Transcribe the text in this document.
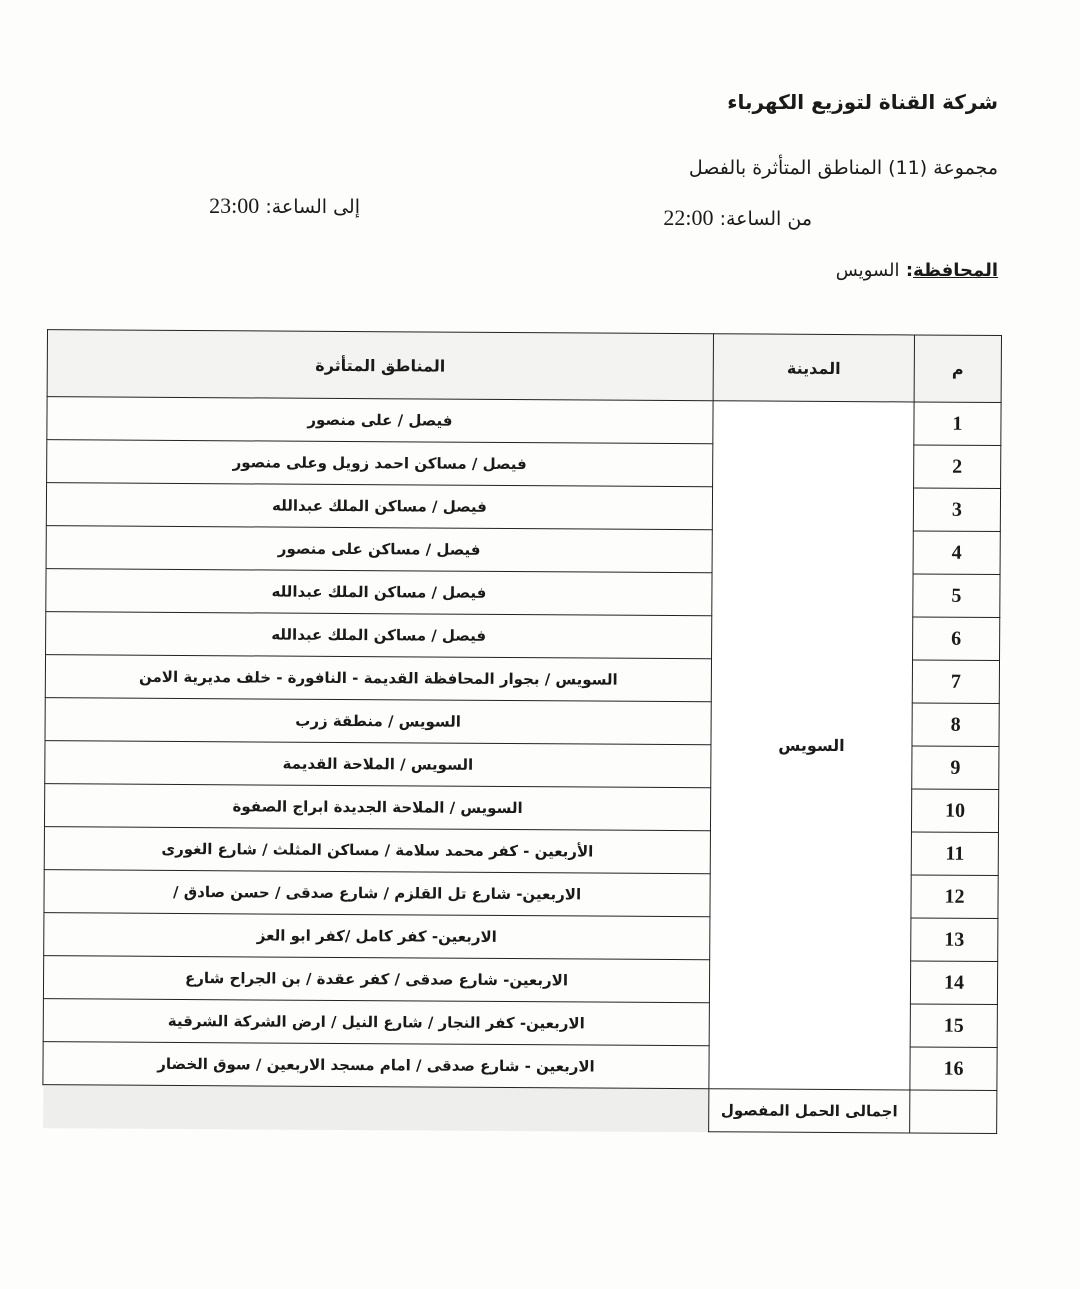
شركة القناة لتوزيع الكهرباء
مجموعة (11) المناطق المتأثرة بالفصل
من الساعة: 22:00
إلى الساعة: 23:00
المحافظة: السويس
م	المدينة	المناطق المتأثرة
1	السويس	فيصل / على منصور
2		فيصل / مساكن احمد زويل وعلى منصور
3		فيصل / مساكن الملك عبدالله
4		فيصل / مساكن على منصور
5		فيصل / مساكن الملك عبدالله
6		فيصل / مساكن الملك عبدالله
7		السويس / بجوار المحافظة القديمة - النافورة - خلف مديرية الامن
8		السويس / منطقة زرب
9		السويس / الملاحة القديمة
10		السويس / الملاحة الجديدة ابراج الصفوة
11		الأربعين - كفر محمد سلامة / مساكن المثلث / شارع الغورى
12		الاربعين- شارع تل القلزم / شارع صدقى / حسن صادق /
13		الاربعين- كفر كامل /كفر ابو العز
14		الاربعين- شارع صدقى / كفر عقدة / بن الجراح شارع
15		الاربعين- كفر النجار / شارع النيل / ارض الشركة الشرقية
16		الاربعين - شارع صدقى / امام مسجد الاربعين / سوق الخضار
	اجمالى الحمل المفصول	
